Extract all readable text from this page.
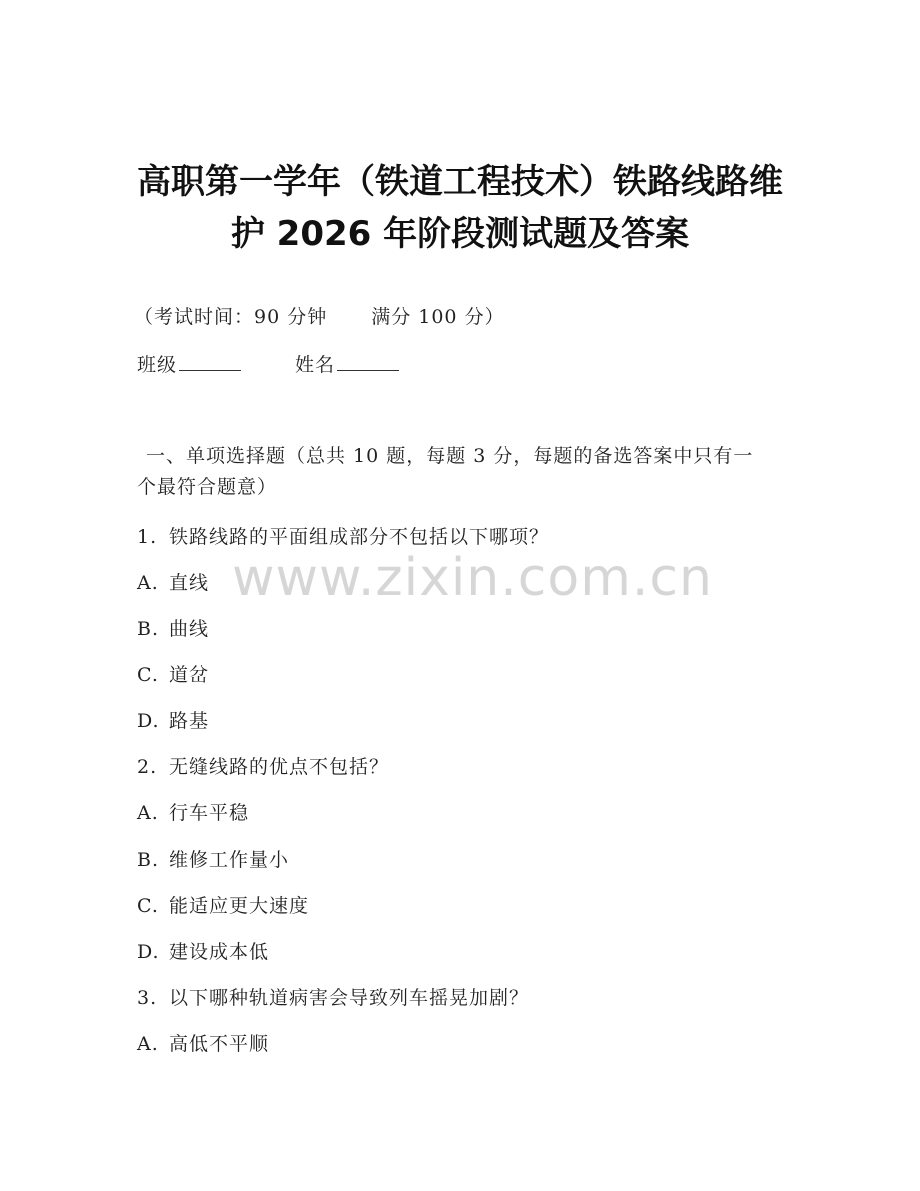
高职第一学年（铁道工程技术）铁路线路维
护 2026 年阶段测试题及答案
（考试时间：90 分钟 满分 100 分）
班级	姓名
一、单项选择题（总共 10 题，每题 3 分，每题的备选答案中只有一
个最符合题意）
1. 铁路线路的平面组成部分不包括以下哪项？
A. 直线
B. 曲线
C. 道岔
D. 路基
2. 无缝线路的优点不包括？
A. 行车平稳
B. 维修工作量小
C. 能适应更大速度
D. 建设成本低
3. 以下哪种轨道病害会导致列车摇晃加剧？
A. 高低不平顺
www.zixin.com.cn
